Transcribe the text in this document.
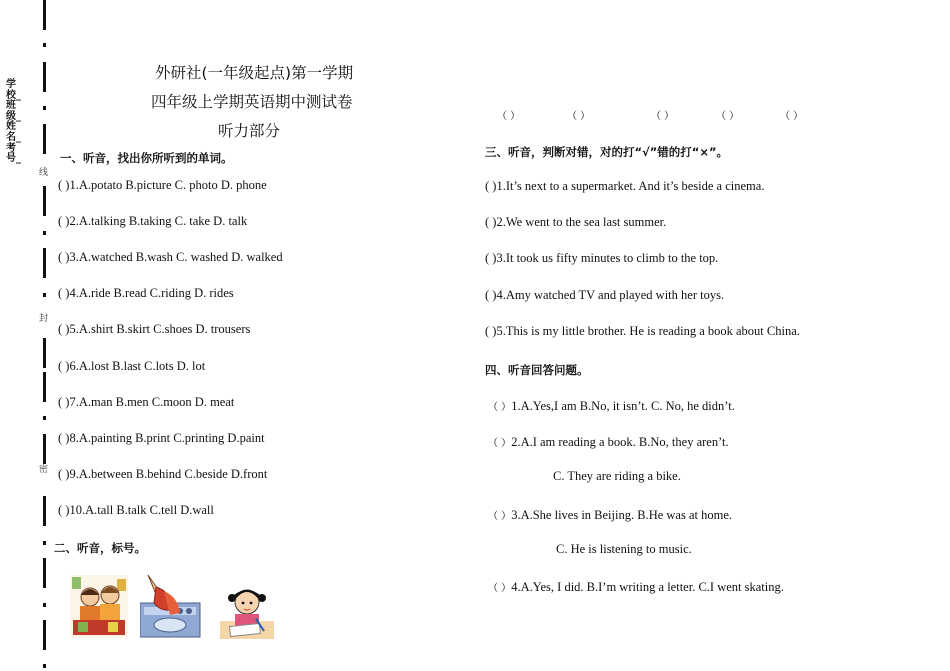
学
校_
班
级_
姓
名_
考
号_
线
封
密
外研社(一年级起点)第一学期
四年级上学期英语期中测试卷
听力部分
一、听音，找出你所听到的单词。
( )1.A.potato B.picture C. photo D. phone
( )2.A.talking B.taking C. take D. talk
( )3.A.watched B.wash C. washed D. walked
( )4.A.ride B.read C.riding D. rides
( )5.A.shirt B.skirt C.shoes D. trousers
( )6.A.lost B.last C.lots D. lot
( )7.A.man B.men C.moon D. meat
( )8.A.painting B.print C.printing D.paint
( )9.A.between B.behind C.beside D.front
( )10.A.tall B.talk C.tell D.wall
二、听音，标号。
（ ）	（ ）	（ ）	（ ）	（ ）
三、听音，判断对错，对的打“√”错的打“×”。
( )1.It’s next to a supermarket. And it’s beside a cinema.
( )2.We went to the sea last summer.
( )3.It took us fifty minutes to climb to the top.
( )4.Amy watched TV and played with her toys.
( )5.This is my little brother. He is reading a book about China.
四、听音回答问题。
（ ）1.A.Yes,I am B.No, it isn’t. C. No, he didn’t.
（ ）2.A.I am reading a book. B.No, they aren’t.
C. They are riding a bike.
（ ）3.A.She lives in Beijing. B.He was at home.
C. He is listening to music.
（ ）4.A.Yes, I did. B.I’m writing a letter. C.I went skating.
